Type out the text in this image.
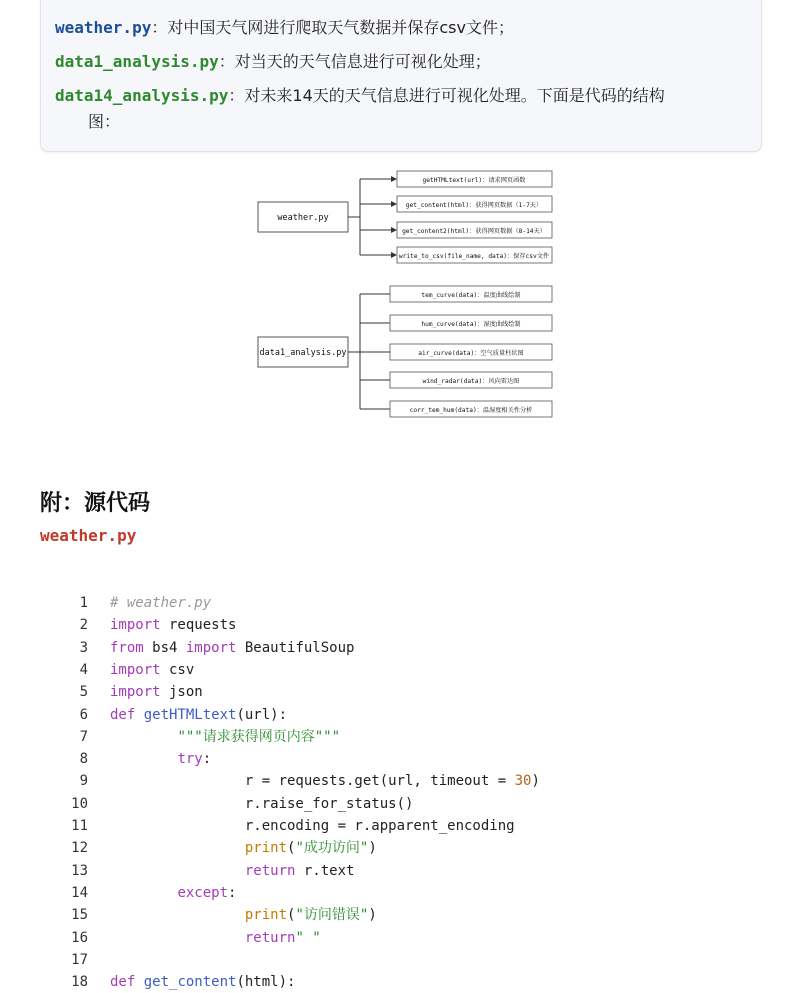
weather.py：对中国天气网进行爬取天气数据并保存csv文件；
data1_analysis.py：对当天的天气信息进行可视化处理；
data14_analysis.py：对未来14天的天气信息进行可视化处理。下面是代码的结构
图：
weather.py
getHTMLtext(url)：请求网页函数
get_content(html)：获得网页数据（1-7天）
get_content2(html)：获得网页数据（8-14天）
write_to_csv(file_name, data)：保存csv文件
data1_analysis.py
tem_curve(data)：温度曲线绘制
hum_curve(data)：湿度曲线绘制
air_curve(data)：空气质量柱状图
wind_radar(data)：风向雷达图
corr_tem_hum(data)：温湿度相关性分析
附：源代码
weather.py
1 # weather.py
2 import requests
3 from bs4 import BeautifulSoup
4 import csv
5 import json
6 def getHTMLtext(url):
7	"""请求获得网页内容"""
8	try:
9 r = requests.get(url, timeout = 30)
10 r.raise_for_status()
11 r.encoding = r.apparent_encoding
12	print("成功访问")
13	return r.text
14	except:
15	print("访问错误")
16	return" "
17
18 def get_content(html):
